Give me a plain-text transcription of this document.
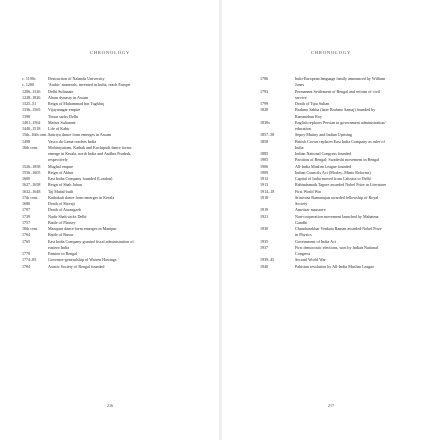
CHRONOLOGY
c. 1190s	Destruction of Nalanda University
c. 1200	'Arabic' numerals, invented in India, reach Europe
1206–1526	Delhi Sultanate
1228–1826	Ahom dynasty in Assam
1325–51	Reign of Muhammad bin Tughlaq
1336–1565	Vijayanagar empire
1398	Timur sacks Delhi
1401–1562	Malwa Sultanate
1440–1518	Life of Kabir
15th–16th cent. Sattriya dance form emerges in Assam
1498	Vasco da Gama reaches India
16th cent.	Mohiniyattam, Kathak and Kuchipudi dance forms
emerge in Kerala, north India and Andhra Pradesh,
respectively
1526–1858	Mughal empire
1556–1605	Reign of Akbar
1600	East India Company founded (London)
1627–1658	Reign of Shah Jahan
1632–1648	Taj Mahal built
17th cent.	Kathakali dance form emerges in Kerala
1680	Death of Shivaji
1707	Death of Aurangzeb
1739	Nadir Shah sacks Delhi
1757	Battle of Plassey
18th cent.	Manipuri dance form emerges in Manipur
1764	Battle of Buxar
1765	East India Company granted fiscal administration of
eastern India
1770	Famine in Bengal
1774–85	Governor-generalship of Warren Hastings
1784	Asiatic Society of Bengal founded
216
CHRONOLOGY
1786	Indo-European language family announced by William
Jones
1793	Permanent Settlement of Bengal and reform of civil
service
1799	Death of Tipu Sultan
1828	Brahmo Sabha (later Brahmo Samaj) founded by
Rammohun Roy
1830s	English replaces Persian in government administration/
education
1857–58	Sepoy Mutiny and Indian Uprising
1858	British Crown replaces East India Company as ruler of
India
1885	Indian National Congress founded
1905	Partition of Bengal; Swadeshi movement in Bengal
1906	All-India Muslim League founded
1909	Indian Councils Act (Morley–Minto Reforms)
1912	Capital of India moved from Calcutta to Delhi
1913	Rabindranath Tagore awarded Nobel Prize in Literature
1914–18	First World War
1918	Srinivasa Ramanujan awarded fellowship of Royal
Society
1919	Amritsar massacre
1921	Non-cooperation movement launched by Mahatma
Gandhi
1930	Chandrasekhar Venkata Raman awarded Nobel Prize
in Physics
1935	Government of India Act
1937	First democratic elections, won by Indian National
Congress
1939–45	Second World War
1940	Pakistan resolution by All-India Muslim League
217
